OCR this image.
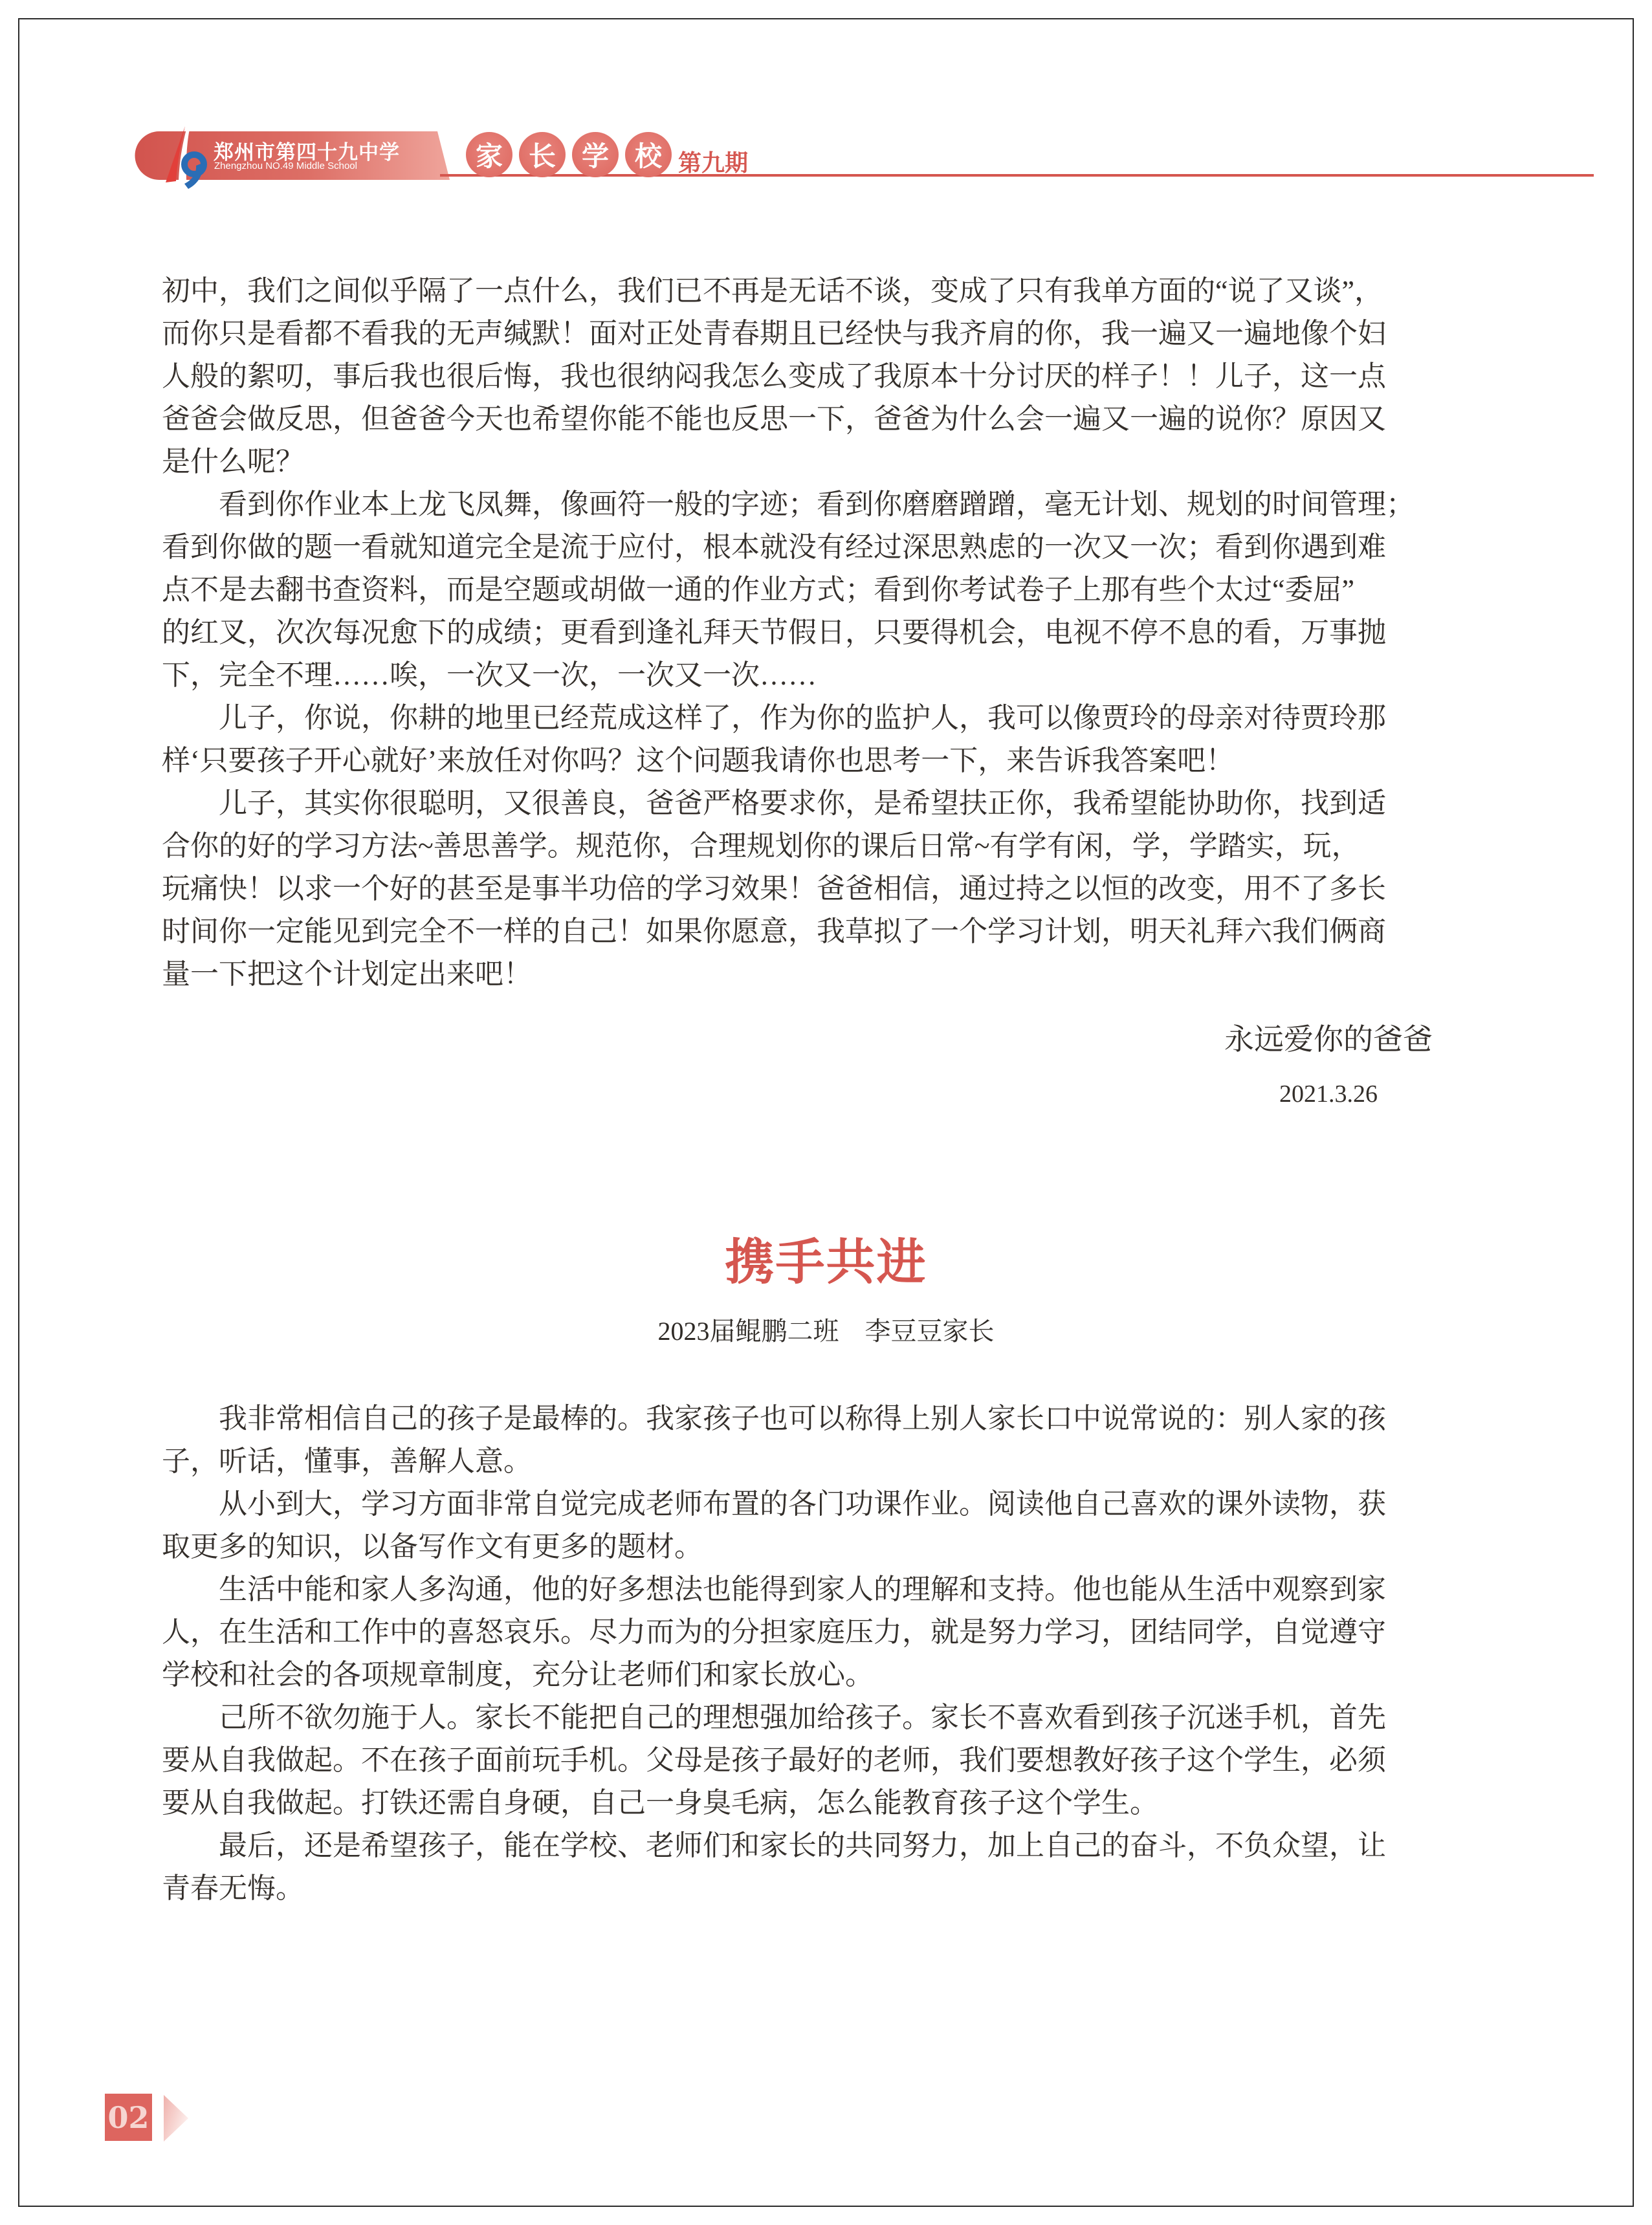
郑州市第四十九中学
Zhengzhou NO.49 Middle School	家 长 学 校 第九期
初中，我们之间似乎隔了一点什么，我们已不再是无话不谈，变成了只有我单方面的“说了又谈”，
而你只是看都不看我的无声缄默！面对正处青春期且已经快与我齐肩的你，我一遍又一遍地像个妇
人般的絮叨，事后我也很后悔，我也很纳闷我怎么变成了我原本十分讨厌的样子！！儿子，这一点
爸爸会做反思，但爸爸今天也希望你能不能也反思一下，爸爸为什么会一遍又一遍的说你？原因又
是什么呢？
看到你作业本上龙飞凤舞，像画符一般的字迹；看到你磨磨蹭蹭，毫无计划、规划的时间管理；
看到你做的题一看就知道完全是流于应付，根本就没有经过深思熟虑的一次又一次；看到你遇到难
点不是去翻书查资料，而是空题或胡做一通的作业方式；看到你考试卷子上那有些个太过“委屈”
的红叉，次次每况愈下的成绩；更看到逢礼拜天节假日，只要得机会，电视不停不息的看，万事抛
下，完全不理……唉，一次又一次，一次又一次……
儿子，你说，你耕的地里已经荒成这样了，作为你的监护人，我可以像贾玲的母亲对待贾玲那
样‘只要孩子开心就好’来放任对你吗？这个问题我请你也思考一下，来告诉我答案吧！
儿子，其实你很聪明，又很善良，爸爸严格要求你，是希望扶正你，我希望能协助你，找到适
合你的好的学习方法~善思善学。规范你，合理规划你的课后日常~有学有闲，学，学踏实，玩，
玩痛快！以求一个好的甚至是事半功倍的学习效果！爸爸相信，通过持之以恒的改变，用不了多长
时间你一定能见到完全不一样的自己！如果你愿意，我草拟了一个学习计划，明天礼拜六我们俩商
量一下把这个计划定出来吧！
永远爱你的爸爸
2021.3.26
携手共进
2023届鲲鹏二班　李豆豆家长
我非常相信自己的孩子是最棒的。我家孩子也可以称得上别人家长口中说常说的：别人家的孩
子，听话，懂事，善解人意。
从小到大，学习方面非常自觉完成老师布置的各门功课作业。阅读他自己喜欢的课外读物，获
取更多的知识，以备写作文有更多的题材。
生活中能和家人多沟通，他的好多想法也能得到家人的理解和支持。他也能从生活中观察到家
人，在生活和工作中的喜怒哀乐。尽力而为的分担家庭压力，就是努力学习，团结同学，自觉遵守
学校和社会的各项规章制度，充分让老师们和家长放心。
己所不欲勿施于人。家长不能把自己的理想强加给孩子。家长不喜欢看到孩子沉迷手机，首先
要从自我做起。不在孩子面前玩手机。父母是孩子最好的老师，我们要想教好孩子这个学生，必须
要从自我做起。打铁还需自身硬，自己一身臭毛病，怎么能教育孩子这个学生。
最后，还是希望孩子，能在学校、老师们和家长的共同努力，加上自己的奋斗，不负众望，让
青春无悔。
02
